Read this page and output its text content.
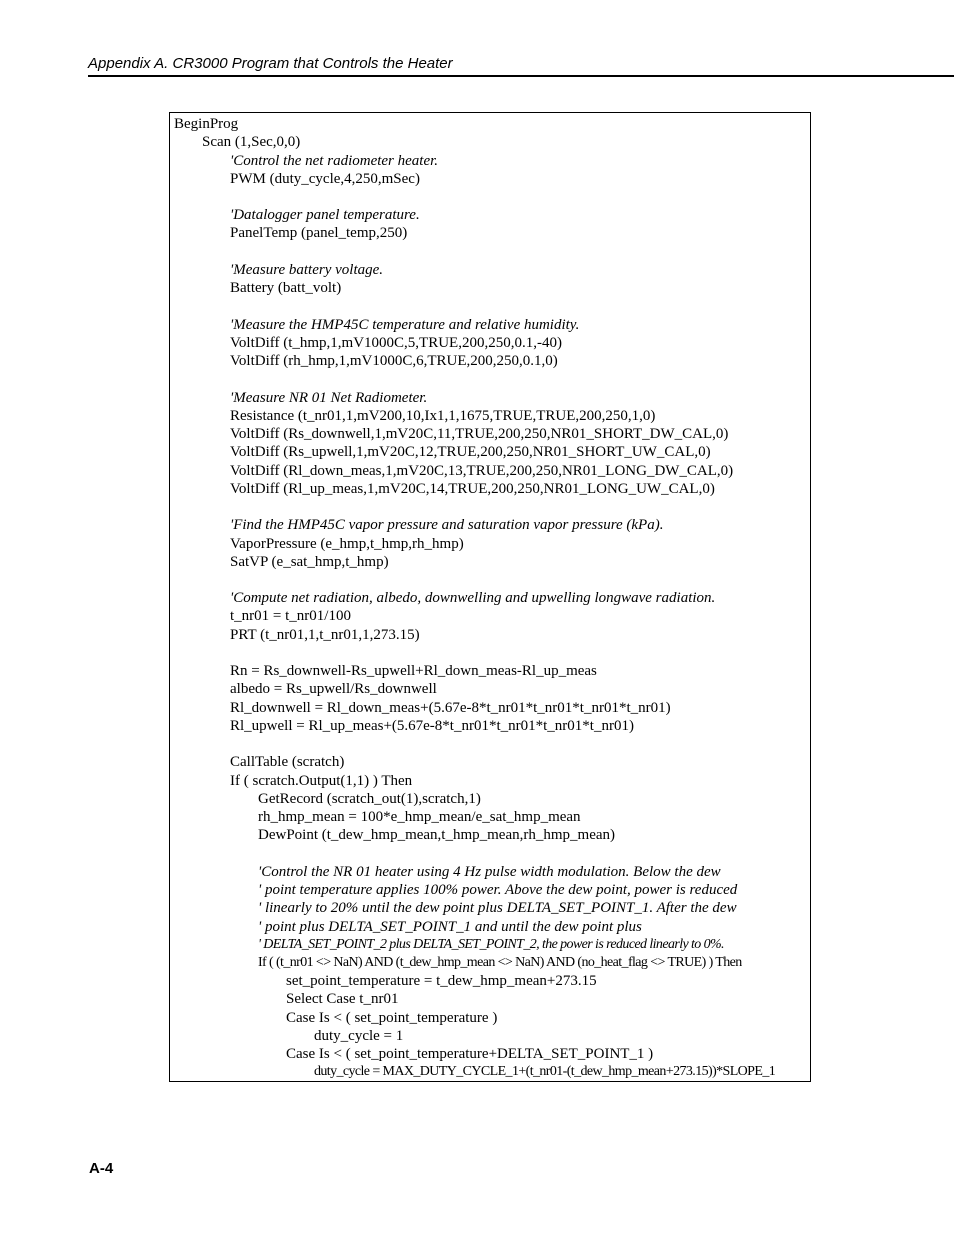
Appendix A. CR3000 Program that Controls the Heater
BeginProg
Scan (1,Sec,0,0)
'Control the net radiometer heater.
PWM (duty_cycle,4,250,mSec)
'Datalogger panel temperature.
PanelTemp (panel_temp,250)
'Measure battery voltage.
Battery (batt_volt)
'Measure the HMP45C temperature and relative humidity.
VoltDiff (t_hmp,1,mV1000C,5,TRUE,200,250,0.1,-40)
VoltDiff (rh_hmp,1,mV1000C,6,TRUE,200,250,0.1,0)
'Measure NR 01 Net Radiometer.
Resistance (t_nr01,1,mV200,10,Ix1,1,1675,TRUE,TRUE,200,250,1,0)
VoltDiff (Rs_downwell,1,mV20C,11,TRUE,200,250,NR01_SHORT_DW_CAL,0)
VoltDiff (Rs_upwell,1,mV20C,12,TRUE,200,250,NR01_SHORT_UW_CAL,0)
VoltDiff (Rl_down_meas,1,mV20C,13,TRUE,200,250,NR01_LONG_DW_CAL,0)
VoltDiff (Rl_up_meas,1,mV20C,14,TRUE,200,250,NR01_LONG_UW_CAL,0)
'Find the HMP45C vapor pressure and saturation vapor pressure (kPa).
VaporPressure (e_hmp,t_hmp,rh_hmp)
SatVP (e_sat_hmp,t_hmp)
'Compute net radiation, albedo, downwelling and upwelling longwave radiation.
t_nr01 = t_nr01/100
PRT (t_nr01,1,t_nr01,1,273.15)
Rn = Rs_downwell-Rs_upwell+Rl_down_meas-Rl_up_meas
albedo = Rs_upwell/Rs_downwell
Rl_downwell = Rl_down_meas+(5.67e-8*t_nr01*t_nr01*t_nr01*t_nr01)
Rl_upwell = Rl_up_meas+(5.67e-8*t_nr01*t_nr01*t_nr01*t_nr01)
CallTable (scratch)
If ( scratch.Output(1,1) ) Then
GetRecord (scratch_out(1),scratch,1)
rh_hmp_mean = 100*e_hmp_mean/e_sat_hmp_mean
DewPoint (t_dew_hmp_mean,t_hmp_mean,rh_hmp_mean)
'Control the NR 01 heater using 4 Hz pulse width modulation. Below the dew
' point temperature applies 100% power. Above the dew point, power is reduced
' linearly to 20% until the dew point plus DELTA_SET_POINT_1. After the dew
' point plus DELTA_SET_POINT_1 and until the dew point plus
' DELTA_SET_POINT_2 plus DELTA_SET_POINT_2, the power is reduced linearly to 0%.
If ( (t_nr01 <> NaN) AND (t_dew_hmp_mean <> NaN) AND (no_heat_flag <> TRUE) ) Then
set_point_temperature = t_dew_hmp_mean+273.15
Select Case t_nr01
Case Is < ( set_point_temperature )
duty_cycle = 1
Case Is < ( set_point_temperature+DELTA_SET_POINT_1 )
duty_cycle = MAX_DUTY_CYCLE_1+(t_nr01-(t_dew_hmp_mean+273.15))*SLOPE_1
A-4
